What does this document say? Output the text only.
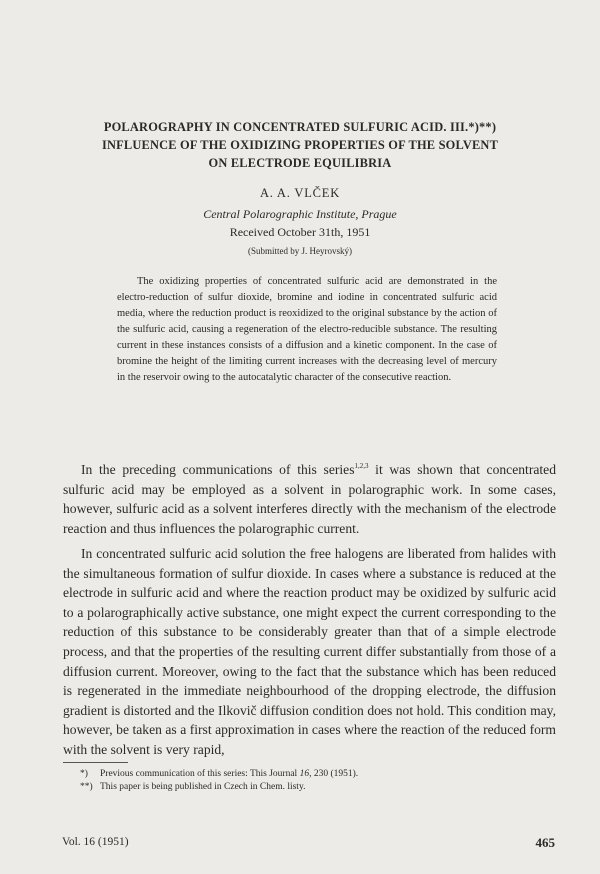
POLAROGRAPHY IN CONCENTRATED SULFURIC ACID. III.*)**)
INFLUENCE OF THE OXIDIZING PROPERTIES OF THE SOLVENT
ON ELECTRODE EQUILIBRIA
A. A. VLČEK
Central Polarographic Institute, Prague
Received October 31th, 1951
(Submitted by J. Heyrovský)

The oxidizing properties of concentrated sulfuric acid are demonstrated in the electro-reduction of sulfur dioxide, bromine and iodine in concentrated sulfuric acid media, where the reduction product is reoxidized to the original substance by the action of the sulfuric acid, causing a regeneration of the electro-reducible substance. The resulting current in these instances consists of a diffusion and a kinetic component. In the case of bromine the height of the limiting current increases with the decreasing level of mercury in the reservoir owing to the autocatalytic character of the consecutive reaction.

In the preceding communications of this series$^{1,2,3}$ it was shown that concentrated sulfuric acid may be employed as a solvent in polarographic work. In some cases, however, sulfuric acid as a solvent interferes directly with the mechanism of the electrode reaction and thus influences the polarographic current.

In concentrated sulfuric acid solution the free halogens are liberated from halides with the simultaneous formation of sulfur dioxide. In cases where a substance is reduced at the electrode in sulfuric acid and where the reaction product may be oxidized by sulfuric acid to a polarographically active substance, one might expect the current corresponding to the reduction of this substance to be considerably greater than that of a simple electrode process, and that the properties of the resulting current differ substantially from those of a diffusion current. Moreover, owing to the fact that the substance which has been reduced is regenerated in the immediate neighbourhood of the dropping electrode, the diffusion gradient is distorted and the Ilkovič diffusion condition does not hold. This condition may, however, be taken as a first approximation in cases where the reaction of the reduced form with the solvent is very rapid,

*) Previous communication of this series: This Journal 16, 230 (1951).
**) This paper is being published in Czech in Chem. listy.
Vol. 16 (1951)	465
